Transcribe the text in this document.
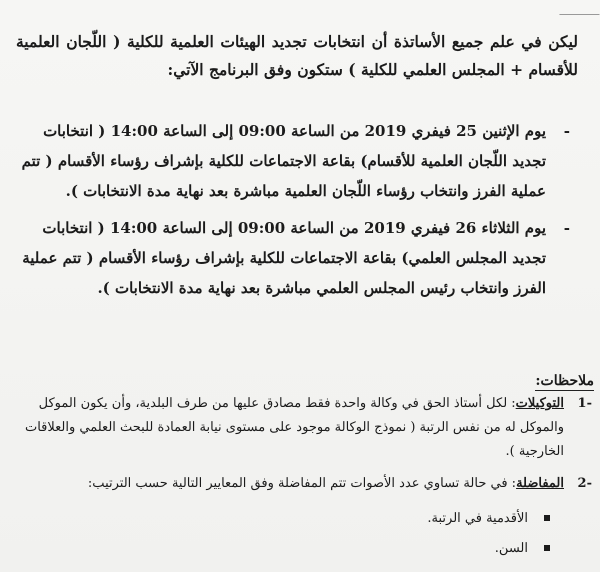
ليكن في علم جميع الأساتذة أن انتخابات تجديد الهيئات العلمية للكلية ( اللّجان العلمية للأقسام + المجلس العلمي للكلية ) ستكون وفق البرنامج الآتي:

-
يوم الإثنين 25 فيفري 2019 من الساعة 09:00 إلى الساعة 14:00 ( انتخابات تجديد اللّجان العلمية للأقسام) بقاعة الاجتماعات للكلية بإشراف رؤساء الأقسام ( تتم عملية الفرز وانتخاب رؤساء اللّجان العلمية مباشرة بعد نهاية مدة الانتخابات ).
-
يوم الثلاثاء 26 فيفري 2019 من الساعة 09:00 إلى الساعة 14:00 ( انتخابات تجديد المجلس العلمي) بقاعة الاجتماعات للكلية بإشراف رؤساء الأقسام ( تتم عملية الفرز وانتخاب رئيس المجلس العلمي مباشرة بعد نهاية مدة الانتخابات ).
ملاحظات:
-1
التوكيلات: لكل أستاذ الحق في وكالة واحدة فقط مصادق عليها من طرف البلدية، وأن يكون الموكل والموكل له من نفس الرتبة ( نموذج الوكالة موجود على مستوى نيابة العمادة للبحث العلمي والعلاقات الخارجية ).
-2
المفاضلة: في حالة تساوي عدد الأصوات تتم المفاضلة وفق المعايير التالية حسب الترتيب:
الأقدمية في الرتبة.
السن.
